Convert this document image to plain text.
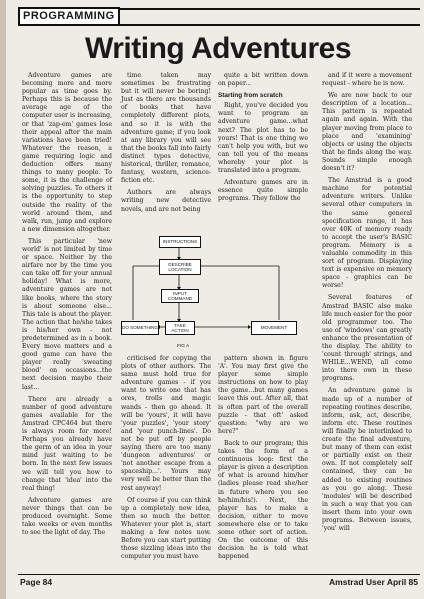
PROGRAMMING
Writing Adventures

Adventure games are becoming more and more popular as time goes by. Perhaps this is because the average age of the computer user is increasing, or that 'zap-em' games lose their appeal after the main variations have been tried! Whatever the reason, a game requiring logic and deduction offers many things to many people. To some, it is the challenge of solving puzzles. To others it is the opportunity to step outside the reality of the world around them, and walk, run, jump and explore a new dimension altogether.

This particular 'new world' is not limited by time or space. Neither by the airfare nor by the time you can take off for your annual holiday! What is more, adventure games are not like books, where the story is about someone else... This tale is about the player. The action that he/she takes is his/her own - not predetermined as in a book. Every move matters and a good game can have the player really 'sweating blood' on occasions...the next decision maybe their last...

There are already a number of good adventure games available for the Amstrad CPC464 but there is always room for more! Perhaps you already have the germ of an idea in your mind just waiting to be born. In the next few issues we will tell you how to change that 'idea' into the real thing!

Adventure games are never things that can be produced overnight. Some take weeks or even months to see the light of day. The

time taken may sometimes be frustrating but it will never be boring! Just as there are thousands of books that have completely different plots, and so it is with the adventure game; if you look at any library you will see that the books fall into fairly distinct types detective, historical, thriller, romance, fantasy, western, science-fiction etc.

Authors are always writing new detective novels, and are not being

quite a bit written down on paper...

Starting from scratch

Right, you've decided you want to program an adventure game...what next? The plot has to be yours! That is one thing we can't help you with, but we can tell you of the means whereby your plot is translated into a program.

Adventure games are in essence quite simple programs. They follow the

and if it were a movement request - where he is now.

We are now back to our description of a location... This pattern is repeated again and again. With the player moving from place to place and 'examining' objects or using the objects that he finds along the way. Sounds simple enough doesn't it?

The Amstrad is a good machine for potential adventure writers. Unlike several other computers in the same general specification range, it has over 40K of memory ready to accept the user's BASIC program. Memory is a valuable commodity in this sort of program. Displaying text is expensive on memory space - graphics can be worse!

Several features of Amstrad BASIC also make life much easier for the poor old programmer too. The use of 'windows' can greatly enhance the presentation of the display. The ability to 'count through' strings, and WHILE...WEND, all come into there own in these programs.

An adventure game is made up of a number of repeating routines describe, inform, ask, act, describe, inform etc. These routines will finally be interlinked to create the final adventure, but many of them can exist or partially exist on their own. If not completely self contained, they can be added to existing routines as you go along. These 'modules' will be described in such a way that you can insert them into your own programs. Between issues, 'you' will

INSTRUCTIONS
DESCRIBE LOCATION
INPUT COMMAND
DO SOMETHING
TAKE ACTION
MOVEMENT
FIG A

criticised for copying the plots of other authors. The same must hold true for adventure games - if you want to write one that has ores, trolls and magic wands - then go ahead. It will be 'yours', it will have 'your puzzles', 'your story' and 'your punch-lines'. Do not be put off by people saying there are too many 'dungeon adventures' or 'not another escape from a spaceship...'. Yours may very well be better than the rest anyway!

Of course if you can think up a completely new idea, then so much the better. Whatever your plot is, start making a few notes now. Before you can start putting those sizzling ideas into the computer you must have

pattern shown in figure 'A'. You may first give the player some simple instructions on how to play the game...but many games leave this out. After all, that is often part of the overall puzzle - that oft' asked question: "why are we here?"

Back to our program; this takes the form of a continuous loop: first the player is given a description of what is around him/her (ladies please read she/her in future where you see he/him/his!). Next, the player has to make a decision, either to move somewhere else or to take some other sort of action. On the outcome of this decision he is told what happened

Page 84	Amstrad User April 85
